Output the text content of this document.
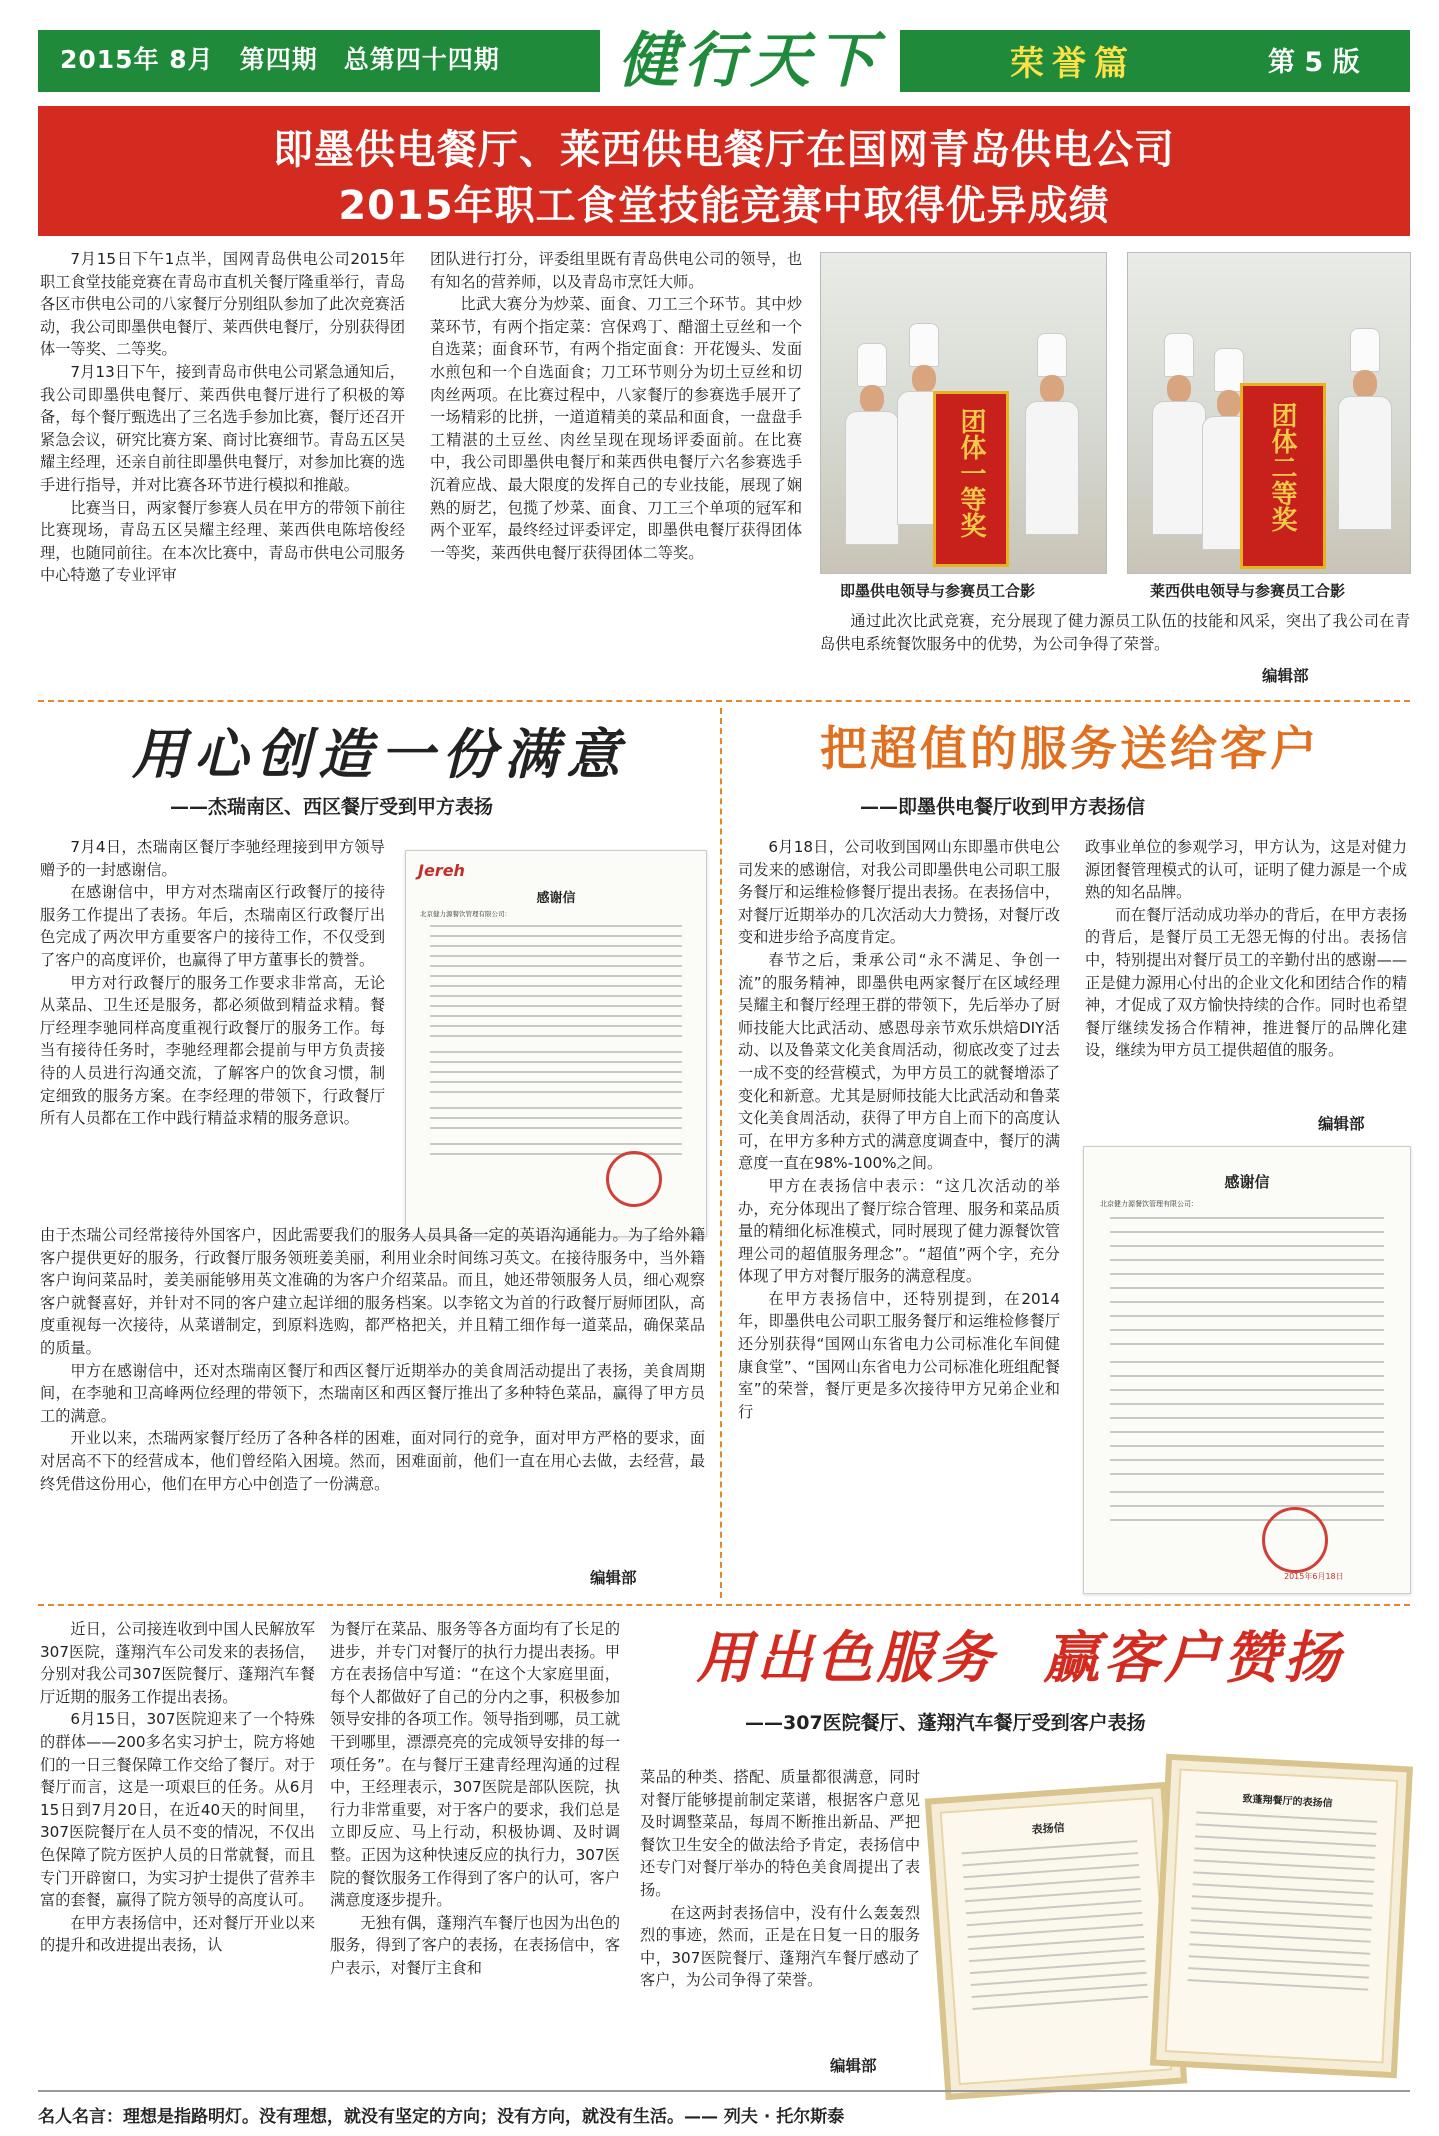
2015年 8月 第四期 总第四十四期	健行天下	荣誉篇	第 5 版
即墨供电餐厅、莱西供电餐厅在国网青岛供电公司
2015年职工食堂技能竞赛中取得优异成绩

7月15日下午1点半，国网青岛供电公司2015年职工食堂技能竞赛在青岛市直机关餐厅隆重举行，青岛各区市供电公司的八家餐厅分别组队参加了此次竞赛活动，我公司即墨供电餐厅、莱西供电餐厅，分别获得团体一等奖、二等奖。

7月13日下午，接到青岛市供电公司紧急通知后，我公司即墨供电餐厅、莱西供电餐厅进行了积极的筹备，每个餐厅甄选出了三名选手参加比赛，餐厅还召开紧急会议，研究比赛方案、商讨比赛细节。青岛五区吴耀主经理，还亲自前往即墨供电餐厅，对参加比赛的选手进行指导，并对比赛各环节进行模拟和推敲。

比赛当日，两家餐厅参赛人员在甲方的带领下前往比赛现场，青岛五区吴耀主经理、莱西供电陈培俊经理，也随同前往。在本次比赛中，青岛市供电公司服务中心特邀了专业评审

团队进行打分，评委组里既有青岛供电公司的领导，也有知名的营养师，以及青岛市烹饪大师。

比武大赛分为炒菜、面食、刀工三个环节。其中炒菜环节，有两个指定菜：宫保鸡丁、醋溜土豆丝和一个自选菜；面食环节，有两个指定面食：开花馒头、发面水煎包和一个自选面食；刀工环节则分为切土豆丝和切肉丝两项。在比赛过程中，八家餐厅的参赛选手展开了一场精彩的比拼，一道道精美的菜品和面食，一盘盘手工精湛的土豆丝、肉丝呈现在现场评委面前。在比赛中，我公司即墨供电餐厅和莱西供电餐厅六名参赛选手沉着应战、最大限度的发挥自己的专业技能，展现了娴熟的厨艺，包揽了炒菜、面食、刀工三个单项的冠军和两个亚军，最终经过评委评定，即墨供电餐厅获得团体一等奖，莱西供电餐厅获得团体二等奖。

团体一等奖
即墨供电领导与参赛员工合影
团体二等奖
莱西供电领导与参赛员工合影

通过此次比武竞赛，充分展现了健力源员工队伍的技能和风采，突出了我公司在青岛供电系统餐饮服务中的优势，为公司争得了荣誉。

编辑部
用心创造一份满意
——杰瑞南区、西区餐厅受到甲方表扬

7月4日，杰瑞南区餐厅李驰经理接到甲方领导赠予的一封感谢信。

在感谢信中，甲方对杰瑞南区行政餐厅的接待服务工作提出了表扬。年后，杰瑞南区行政餐厅出色完成了两次甲方重要客户的接待工作，不仅受到了客户的高度评价，也赢得了甲方董事长的赞誉。

甲方对行政餐厅的服务工作要求非常高，无论从菜品、卫生还是服务，都必须做到精益求精。餐厅经理李驰同样高度重视行政餐厅的服务工作。每当有接待任务时，李驰经理都会提前与甲方负责接待的人员进行沟通交流，了解客户的饮食习惯，制定细致的服务方案。在李经理的带领下，行政餐厅所有人员都在工作中践行精益求精的服务意识。

Jereh
感谢信
北京健力源餐饮管理有限公司：

由于杰瑞公司经常接待外国客户，因此需要我们的服务人员具备一定的英语沟通能力。为了给外籍客户提供更好的服务，行政餐厅服务领班姜美丽，利用业余时间练习英文。在接待服务中，当外籍客户询问菜品时，姜美丽能够用英文准确的为客户介绍菜品。而且，她还带领服务人员，细心观察客户就餐喜好，并针对不同的客户建立起详细的服务档案。以李铭文为首的行政餐厅厨师团队，高度重视每一次接待，从菜谱制定，到原料选购，都严格把关，并且精工细作每一道菜品，确保菜品的质量。

甲方在感谢信中，还对杰瑞南区餐厅和西区餐厅近期举办的美食周活动提出了表扬，美食周期间，在李驰和卫高峰两位经理的带领下，杰瑞南区和西区餐厅推出了多种特色菜品，赢得了甲方员工的满意。

开业以来，杰瑞两家餐厅经历了各种各样的困难，面对同行的竞争，面对甲方严格的要求，面对居高不下的经营成本，他们曾经陷入困境。然而，困难面前，他们一直在用心去做，去经营，最终凭借这份用心，他们在甲方心中创造了一份满意。

编辑部
把超值的服务送给客户
——即墨供电餐厅收到甲方表扬信

6月18日，公司收到国网山东即墨市供电公司发来的感谢信，对我公司即墨供电公司职工服务餐厅和运维检修餐厅提出表扬。在表扬信中，对餐厅近期举办的几次活动大力赞扬，对餐厅改变和进步给予高度肯定。

春节之后，秉承公司“永不满足、争创一流”的服务精神，即墨供电两家餐厅在区域经理吴耀主和餐厅经理王群的带领下，先后举办了厨师技能大比武活动、感恩母亲节欢乐烘焙DIY活动、以及鲁菜文化美食周活动，彻底改变了过去一成不变的经营模式，为甲方员工的就餐增添了变化和新意。尤其是厨师技能大比武活动和鲁菜文化美食周活动，获得了甲方自上而下的高度认可，在甲方多种方式的满意度调查中，餐厅的满意度一直在98%-100%之间。

甲方在表扬信中表示：“这几次活动的举办，充分体现出了餐厅综合管理、服务和菜品质量的精细化标准模式，同时展现了健力源餐饮管理公司的超值服务理念”。“超值”两个字，充分体现了甲方对餐厅服务的满意程度。

在甲方表扬信中，还特别提到，在2014年，即墨供电公司职工服务餐厅和运维检修餐厅还分别获得“国网山东省电力公司标准化车间健康食堂”、“国网山东省电力公司标准化班组配餐室”的荣誉，餐厅更是多次接待甲方兄弟企业和行

政事业单位的参观学习，甲方认为，这是对健力源团餐管理模式的认可，证明了健力源是一个成熟的知名品牌。

而在餐厅活动成功举办的背后，在甲方表扬的背后，是餐厅员工无怨无悔的付出。表扬信中，特别提出对餐厅员工的辛勤付出的感谢——正是健力源用心付出的企业文化和团结合作的精神，才促成了双方愉快持续的合作。同时也希望餐厅继续发扬合作精神，推进餐厅的品牌化建设，继续为甲方员工提供超值的服务。

编辑部
感谢信
北京健力源餐饮管理有限公司：
2015年6月18日

近日，公司接连收到中国人民解放军307医院，蓬翔汽车公司发来的表扬信，分别对我公司307医院餐厅、蓬翔汽车餐厅近期的服务工作提出表扬。

6月15日，307医院迎来了一个特殊的群体——200多名实习护士，院方将她们的一日三餐保障工作交给了餐厅。对于餐厅而言，这是一项艰巨的任务。从6月15日到7月20日，在近40天的时间里，307医院餐厅在人员不变的情况，不仅出色保障了院方医护人员的日常就餐，而且专门开辟窗口，为实习护士提供了营养丰富的套餐，赢得了院方领导的高度认可。

在甲方表扬信中，还对餐厅开业以来的提升和改进提出表扬，认

为餐厅在菜品、服务等各方面均有了长足的进步，并专门对餐厅的执行力提出表扬。甲方在表扬信中写道：“在这个大家庭里面，每个人都做好了自己的分内之事，积极参加领导安排的各项工作。领导指到哪，员工就干到哪里，漂漂亮亮的完成领导安排的每一项任务”。在与餐厅王建青经理沟通的过程中，王经理表示，307医院是部队医院，执行力非常重要，对于客户的要求，我们总是立即反应、马上行动，积极协调、及时调整。正因为这种快速反应的执行力，307医院的餐饮服务工作得到了客户的认可，客户满意度逐步提升。

无独有偶，蓬翔汽车餐厅也因为出色的服务，得到了客户的表扬，在表扬信中，客户表示，对餐厅主食和

用出色服务  赢客户赞扬
——307医院餐厅、蓬翔汽车餐厅受到客户表扬

菜品的种类、搭配、质量都很满意，同时对餐厅能够提前制定菜谱，根据客户意见及时调整菜品，每周不断推出新品、严把餐饮卫生安全的做法给予肯定，表扬信中还专门对餐厅举办的特色美食周提出了表扬。

在这两封表扬信中，没有什么轰轰烈烈的事迹，然而，正是在日复一日的服务中，307医院餐厅、蓬翔汽车餐厅感动了客户，为公司争得了荣誉。

编辑部
表扬信
致蓬翔餐厅的表扬信
名人名言：理想是指路明灯。没有理想，就没有坚定的方向；没有方向，就没有生活。—— 列夫 · 托尔斯泰
